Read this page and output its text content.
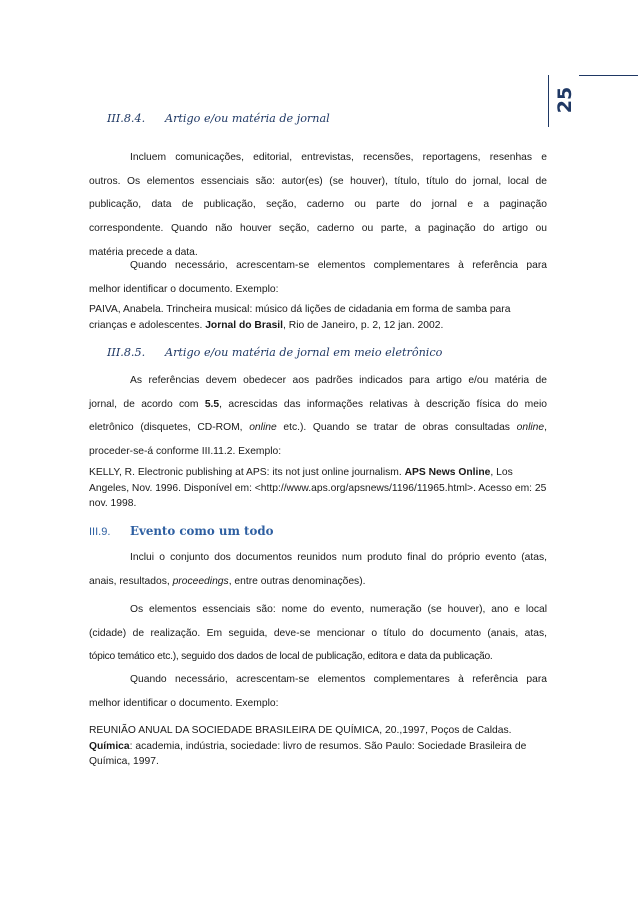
25
III.8.4. Artigo e/ou matéria de jornal
Incluem comunicações, editorial, entrevistas, recensões, reportagens, resenhas e
outros. Os elementos essenciais são: autor(es) (se houver), título, título do jornal, local de
publicação, data de publicação, seção, caderno ou parte do jornal e a paginação
correspondente. Quando não houver seção, caderno ou parte, a paginação do artigo ou
matéria precede a data.
Quando necessário, acrescentam-se elementos complementares à referência para
melhor identificar o documento. Exemplo:
PAIVA, Anabela. Trincheira musical: músico dá lições de cidadania em forma de samba para crianças e adolescentes. Jornal do Brasil, Rio de Janeiro, p. 2, 12 jan. 2002.
III.8.5. Artigo e/ou matéria de jornal em meio eletrônico
As referências devem obedecer aos padrões indicados para artigo e/ou matéria de
jornal, de acordo com 5.5, acrescidas das informações relativas à descrição física do meio
eletrônico (disquetes, CD-ROM, online etc.). Quando se tratar de obras consultadas online,
proceder-se-á conforme III.11.2. Exemplo:
KELLY, R. Electronic publishing at APS: its not just online journalism. APS News Online, Los Angeles, Nov. 1996. Disponível em: <http://www.aps.org/apsnews/1196/11965.html>. Acesso em: 25 nov. 1998.
III.9. Evento como um todo
Inclui o conjunto dos documentos reunidos num produto final do próprio evento (atas,
anais, resultados, proceedings, entre outras denominações).
Os elementos essenciais são: nome do evento, numeração (se houver), ano e local
(cidade) de realização. Em seguida, deve-se mencionar o título do documento (anais, atas,
tópico temático etc.), seguido dos dados de local de publicação, editora e data da publicação.
Quando necessário, acrescentam-se elementos complementares à referência para
melhor identificar o documento. Exemplo:
REUNIÃO ANUAL DA SOCIEDADE BRASILEIRA DE QUÍMICA, 20.,1997, Poços de Caldas. Química: academia, indústria, sociedade: livro de resumos. São Paulo: Sociedade Brasileira de Química, 1997.
